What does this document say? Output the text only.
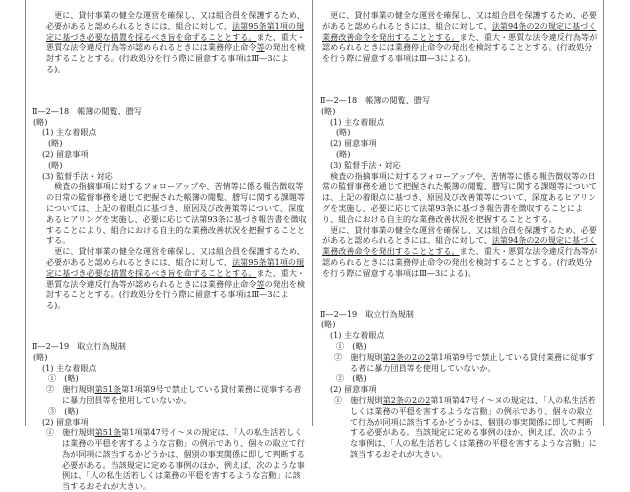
更に、貸付事業の健全な運営を確保し、又は組合員を保護するため、必要があると認められるときには、組合に対して、法第95条第1項の規定に基づき必要な措置を採るべき旨を命ずることとする。また、重大・悪質な法令違反行為等が認められるときには業務停止命令等の発出を検討することとする。(行政処分を行う際に留意する事項はⅢ—3による)。

Ⅱ—2—18　帳簿の閲覧、謄写

(略)

(1) 主な着眼点

(略)

(2) 留意事項

(略)

(3) 監督手法・対応

検査の指摘事項に対するフォローアップや、苦情等に係る報告徴収等の日常の監督事務を通じて把握された帳簿の閲覧、謄写に関する課題等については、上記の着眼点に基づき、原因及び改善策等について、深度あるヒアリングを実施し、必要に応じて法第93条に基づき報告書を徴収することにより、組合における自主的な業務改善状況を把握することとする。

更に、貸付事業の健全な運営を確保し、又は組合員を保護するため、必要があると認められるときには、組合に対して、法第95条第1項の規定に基づき必要な措置を採るべき旨を命ずることとする。また、重大・悪質な法令違反行為等が認められるときには業務停止命令等の発出を検討することとする。(行政処分を行う際に留意する事項はⅢ—3による)。

Ⅱ—2—19　取立行為規制

(略)

(1) 主な着眼点

①　(略)

②　施行規則第51条第1項第9号で禁止している貸付業務に従事する者に暴力団員等を使用していないか。

③　(略)

(2) 留意事項

①　施行規則第51条第1項第47号イ～ヌの規定は、「人の私生活若しくは業務の平穏を害するような言動」の例示であり、個々の取立て行為が同項に該当するかどうかは、個別の事実関係に即して判断する必要がある。当該規定に定める事例のほか、例えば、次のような事例は、「人の私生活若しくは業務の平穏を害するような言動」に該当するおそれが大きい。

更に、貸付事業の健全な運営を確保し、又は組合員を保護するため、必要があると認められるときには、組合に対して、法第94条の2の規定に基づく業務改善命令を発出することとする。また、重大・悪質な法令違反行為等が認められるときには業務停止命令の発出を検討することとする。(行政処分を行う際に留意する事項はⅢ—3による)。

Ⅱ—2—18　帳簿の閲覧、謄写

(略)

(1) 主な着眼点

(略)

(2) 留意事項

(略)

(3) 監督手法・対応

検査の指摘事項に対するフォローアップや、苦情等に係る報告徴収等の日常の監督事務を通じて把握された帳簿の閲覧、謄写に関する課題等については、上記の着眼点に基づき、原因及び改善策等について、深度あるヒアリングを実施し、必要に応じて法第93条に基づき報告書を徴収することにより、組合における自主的な業務改善状況を把握することとする。

更に、貸付事業の健全な運営を確保し、又は組合員を保護するため、必要があると認められるときには、組合に対して、法第94条の2の規定に基づく業務改善命令を発出することとする。また、重大・悪質な法令違反行為等が認められるときには業務停止命令の発出を検討することとする。(行政処分を行う際に留意する事項はⅢ—3による)。

Ⅱ—2—19　取立行為規制

(略)

(1) 主な着眼点

①　(略)

②　施行規則第2条の2の2第1項第9号で禁止している貸付業務に従事する者に暴力団員等を使用していないか。

②　(略)

(2) 留意事項

①　施行規則第2条の2の2第1項第47号イ～ヌの規定は、「人の私生活若しくは業務の平穏を害するような言動」の例示であり、個々の取立て行為が同項に該当するかどうかは、個別の事実関係に即して判断する必要がある。当該規定に定める事例のほか、例えば、次のような事例は、「人の私生活若しくは業務の平穏を害するような言動」に該当するおそれが大きい。
